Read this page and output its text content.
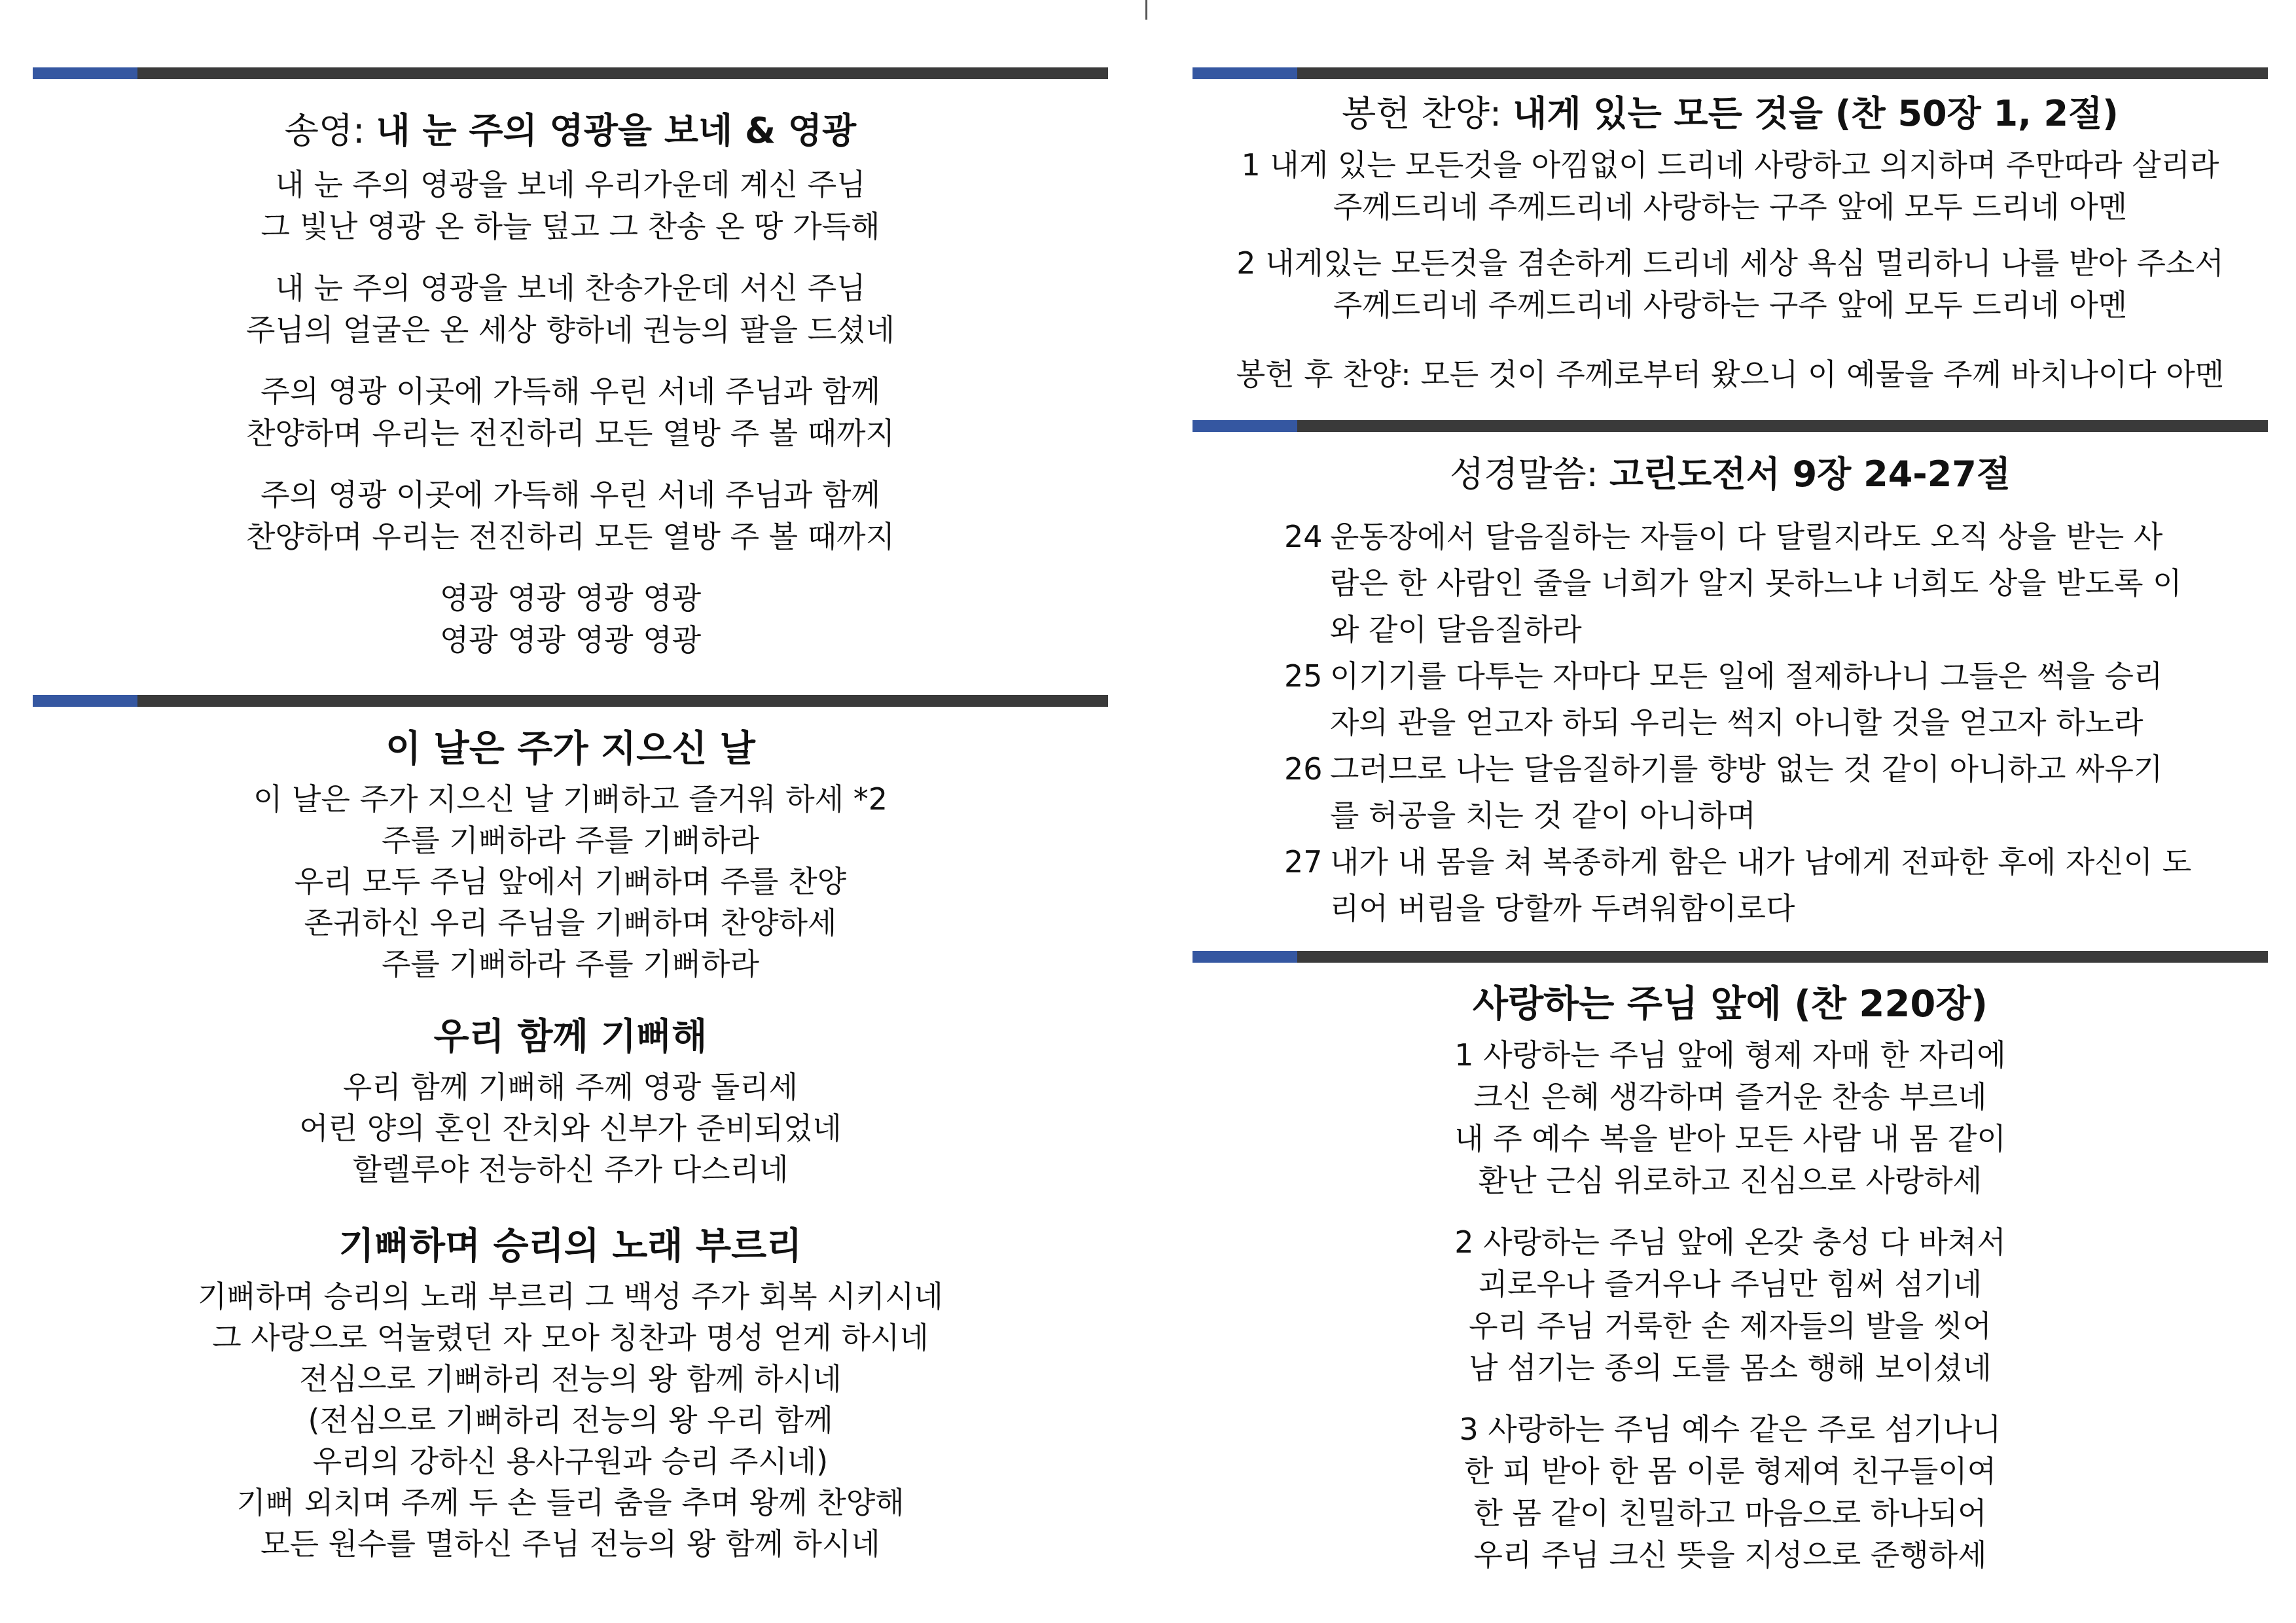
송영: 내 눈 주의 영광을 보네 & 영광
내 눈 주의 영광을 보네 우리가운데 계신 주님
그 빛난 영광 온 하늘 덮고 그 찬송 온 땅 가득해
내 눈 주의 영광을 보네 찬송가운데 서신 주님
주님의 얼굴은 온 세상 향하네 권능의 팔을 드셨네
주의 영광 이곳에 가득해 우린 서네 주님과 함께
찬양하며 우리는 전진하리 모든 열방 주 볼 때까지
주의 영광 이곳에 가득해 우린 서네 주님과 함께
찬양하며 우리는 전진하리 모든 열방 주 볼 때까지
영광 영광 영광 영광
영광 영광 영광 영광
이 날은 주가 지으신 날
이 날은 주가 지으신 날 기뻐하고 즐거워 하세 *2
주를 기뻐하라 주를 기뻐하라
우리 모두 주님 앞에서 기뻐하며 주를 찬양
존귀하신 우리 주님을 기뻐하며 찬양하세
주를 기뻐하라 주를 기뻐하라
우리 함께 기뻐해
우리 함께 기뻐해 주께 영광 돌리세
어린 양의 혼인 잔치와 신부가 준비되었네
할렐루야 전능하신 주가 다스리네
기뻐하며 승리의 노래 부르리
기뻐하며 승리의 노래 부르리 그 백성 주가 회복 시키시네
그 사랑으로 억눌렸던 자 모아 칭찬과 명성 얻게 하시네
전심으로 기뻐하리 전능의 왕 함께 하시네
(전심으로 기뻐하리 전능의 왕 우리 함께
우리의 강하신 용사구원과 승리 주시네)
기뻐 외치며 주께 두 손 들리 춤을 추며 왕께 찬양해
모든 원수를 멸하신 주님 전능의 왕 함께 하시네
봉헌 찬양: 내게 있는 모든 것을 (찬 50장 1, 2절)
1 내게 있는 모든것을 아낌없이 드리네 사랑하고 의지하며 주만따라 살리라
주께드리네 주께드리네 사랑하는 구주 앞에 모두 드리네 아멘
2 내게있는 모든것을 겸손하게 드리네 세상 욕심 멀리하니 나를 받아 주소서
주께드리네 주께드리네 사랑하는 구주 앞에 모두 드리네 아멘
봉헌 후 찬양: 모든 것이 주께로부터 왔으니 이 예물을 주께 바치나이다 아멘
성경말씀: 고린도전서 9장 24-27절
24 운동장에서 달음질하는 자들이 다 달릴지라도 오직 상을 받는 사
람은 한 사람인 줄을 너희가 알지 못하느냐 너희도 상을 받도록 이
와 같이 달음질하라
25 이기기를 다투는 자마다 모든 일에 절제하나니 그들은 썩을 승리
자의 관을 얻고자 하되 우리는 썩지 아니할 것을 얻고자 하노라
26 그러므로 나는 달음질하기를 향방 없는 것 같이 아니하고 싸우기
를 허공을 치는 것 같이 아니하며
27 내가 내 몸을 쳐 복종하게 함은 내가 남에게 전파한 후에 자신이 도
리어 버림을 당할까 두려워함이로다
사랑하는 주님 앞에 (찬 220장)
1 사랑하는 주님 앞에 형제 자매 한 자리에
크신 은혜 생각하며 즐거운 찬송 부르네
내 주 예수 복을 받아 모든 사람 내 몸 같이
환난 근심 위로하고 진심으로 사랑하세
2 사랑하는 주님 앞에 온갖 충성 다 바쳐서
괴로우나 즐거우나 주님만 힘써 섬기네
우리 주님 거룩한 손 제자들의 발을 씻어
남 섬기는 종의 도를 몸소 행해 보이셨네
3 사랑하는 주님 예수 같은 주로 섬기나니
한 피 받아 한 몸 이룬 형제여 친구들이여
한 몸 같이 친밀하고 마음으로 하나되어
우리 주님 크신 뜻을 지성으로 준행하세
